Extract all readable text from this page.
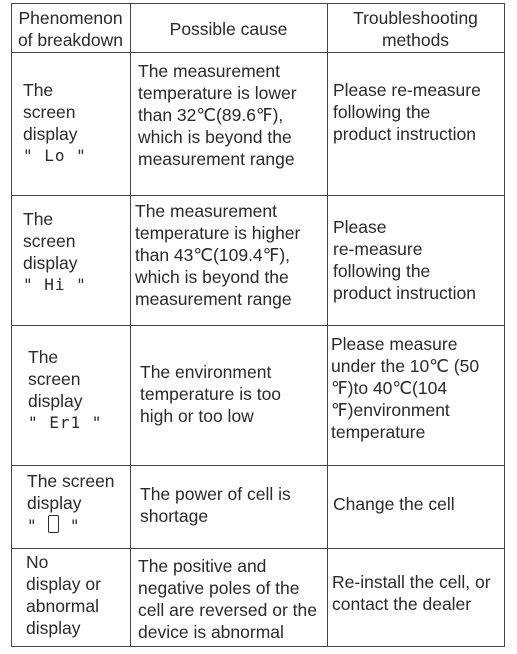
Phenomenon
of breakdown
Possible cause
Troubleshooting
methods
The
screen
display
" Lo "
The measurement
temperature is lower
than 32℃(89.6℉),
which is beyond the
measurement range
Please re-measure
following the
product instruction
The
screen
display
" Hi "
The measurement
temperature is higher
than 43℃(109.4℉),
which is beyond the
measurement range
Please
re-measure
following the
product instruction
The
screen
display
" Er1 "
The environment
temperature is too
high or too low
Please measure
under the 10℃ (50
℉)to 40℃(104
℉)environment
temperature
The screen
display
"  "
The power of cell is
shortage
Change the cell
No
display or
abnormal
display
The positive and
negative poles of the
cell are reversed or the
device is abnormal
Re-install the cell, or
contact the dealer
